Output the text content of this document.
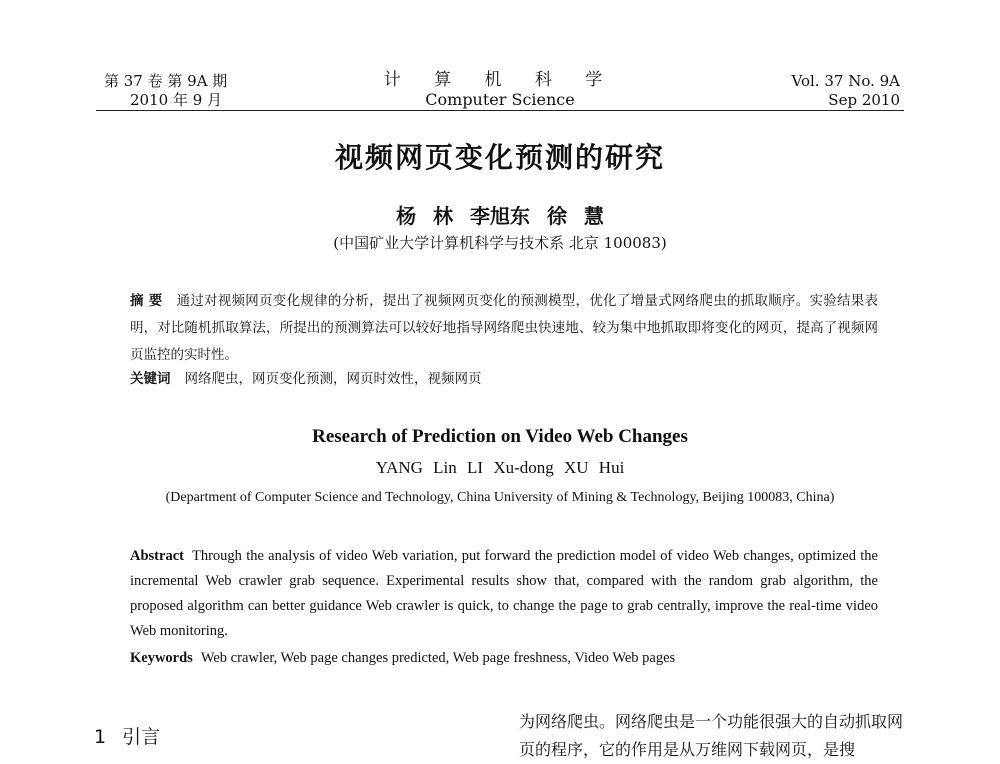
第 37 卷 第 9A 期
2010 年 9 月
计 算 机 科 学
Computer Science
Vol. 37 No. 9A
Sep 2010
视频网页变化预测的研究
杨 林 李旭东 徐 慧
(中国矿业大学计算机科学与技术系 北京 100083)
摘 要 通过对视频网页变化规律的分析，提出了视频网页变化的预测模型，优化了增量式网络爬虫的抓取顺序。实验结果表明，对比随机抓取算法，所提出的预测算法可以较好地指导网络爬虫快速地、较为集中地抓取即将变化的网页，提高了视频网页监控的实时性。
关键词 网络爬虫，网页变化预测，网页时效性，视频网页
Research of Prediction on Video Web Changes
YANG Lin LI Xu-dong XU Hui
(Department of Computer Science and Technology, China University of Mining & Technology, Beijing 100083, China)
Abstract Through the analysis of video Web variation, put forward the prediction model of video Web changes, optimized the incremental Web crawler grab sequence. Experimental results show that, compared with the random grab algorithm, the proposed algorithm can better guidance Web crawler is quick, to change the page to grab centrally, improve the real-time video Web monitoring.
Keywords Web crawler, Web page changes predicted, Web page freshness, Video Web pages
1 引言
为网络爬虫。网络爬虫是一个功能很强大的自动抓取网页的程序，它的作用是从万维网下载网页，是搜
